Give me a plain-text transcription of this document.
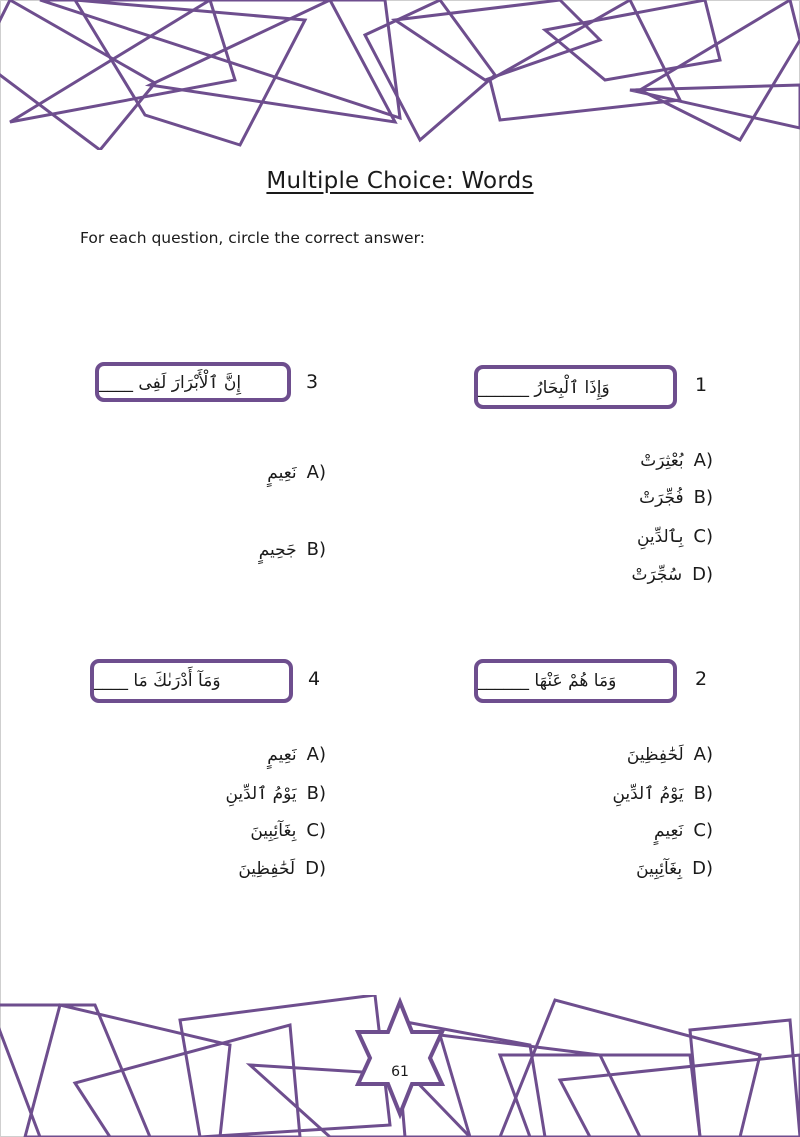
Multiple Choice: Words
For each question, circle the correct answer:
إِنَّ ٱلْأَبْرَارَ لَفِى ____	3
نَعِيمٍ A)
جَحِيمٍ B)
وَإِذَا ٱلْبِحَارُ ______	1
بُعْثِرَتْ A)
فُجِّرَتْ B)
بِٱلدِّينِ C)
سُجِّرَتْ D)
وَمَآ أَدْرَىٰكَ مَا ____	4
نَعِيمٍ A)
يَوْمُ ٱلدِّينِ B)
بِغَآئِبِينَ C)
لَحَٰفِظِينَ D)
وَمَا هُمْ عَنْهَا ______	2
لَحَٰفِظِينَ A)
يَوْمُ ٱلدِّينِ B)
نَعِيمٍ C)
بِغَآئِبِينَ D)
61
